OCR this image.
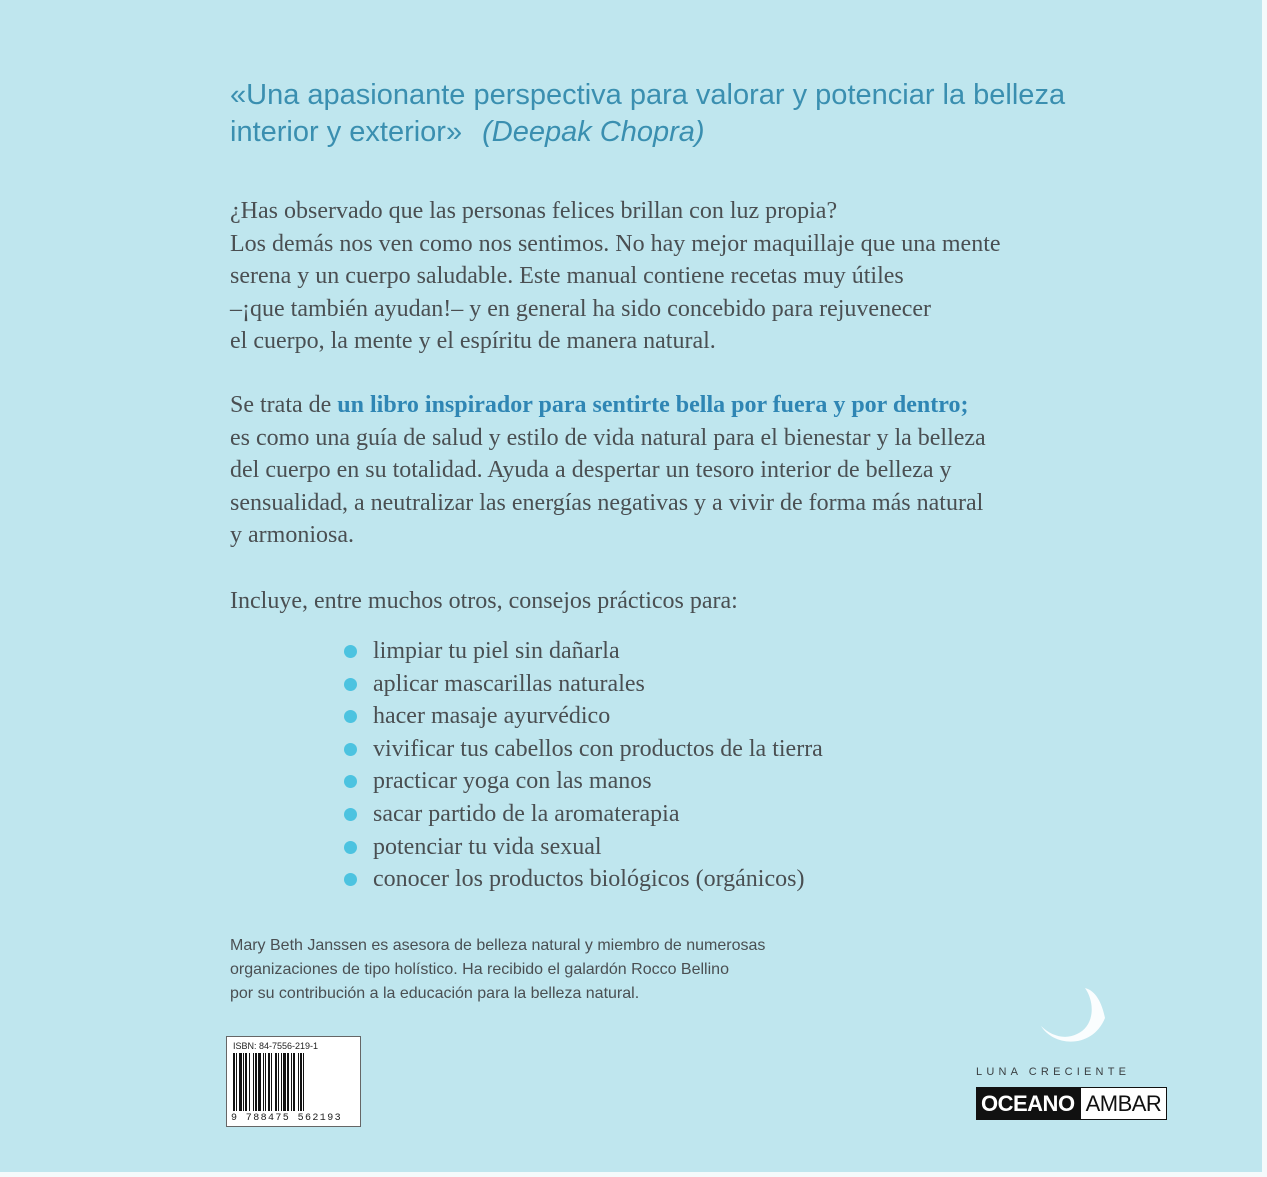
«Una apasionante perspectiva para valorar y potenciar la belleza
interior y exterior» (Deepak Chopra)
¿Has observado que las personas felices brillan con luz propia?
Los demás nos ven como nos sentimos. No hay mejor maquillaje que una mente
serena y un cuerpo saludable. Este manual contiene recetas muy útiles
–¡que también ayudan!– y en general ha sido concebido para rejuvenecer
el cuerpo, la mente y el espíritu de manera natural.
Se trata de un libro inspirador para sentirte bella por fuera y por dentro;
es como una guía de salud y estilo de vida natural para el bienestar y la belleza
del cuerpo en su totalidad. Ayuda a despertar un tesoro interior de belleza y
sensualidad, a neutralizar las energías negativas y a vivir de forma más natural
y armoniosa.
Incluye, entre muchos otros, consejos prácticos para:
limpiar tu piel sin dañarla
aplicar mascarillas naturales
hacer masaje ayurvédico
vivificar tus cabellos con productos de la tierra
practicar yoga con las manos
sacar partido de la aromaterapia
potenciar tu vida sexual
conocer los productos biológicos (orgánicos)
Mary Beth Janssen es asesora de belleza natural y miembro de numerosas
organizaciones de tipo holístico. Ha recibido el galardón Rocco Bellino
por su contribución a la educación para la belleza natural.
ISBN: 84-7556-219-1
9 788475 562193
LUNA CRECIENTE
OCEANO AMBAR
